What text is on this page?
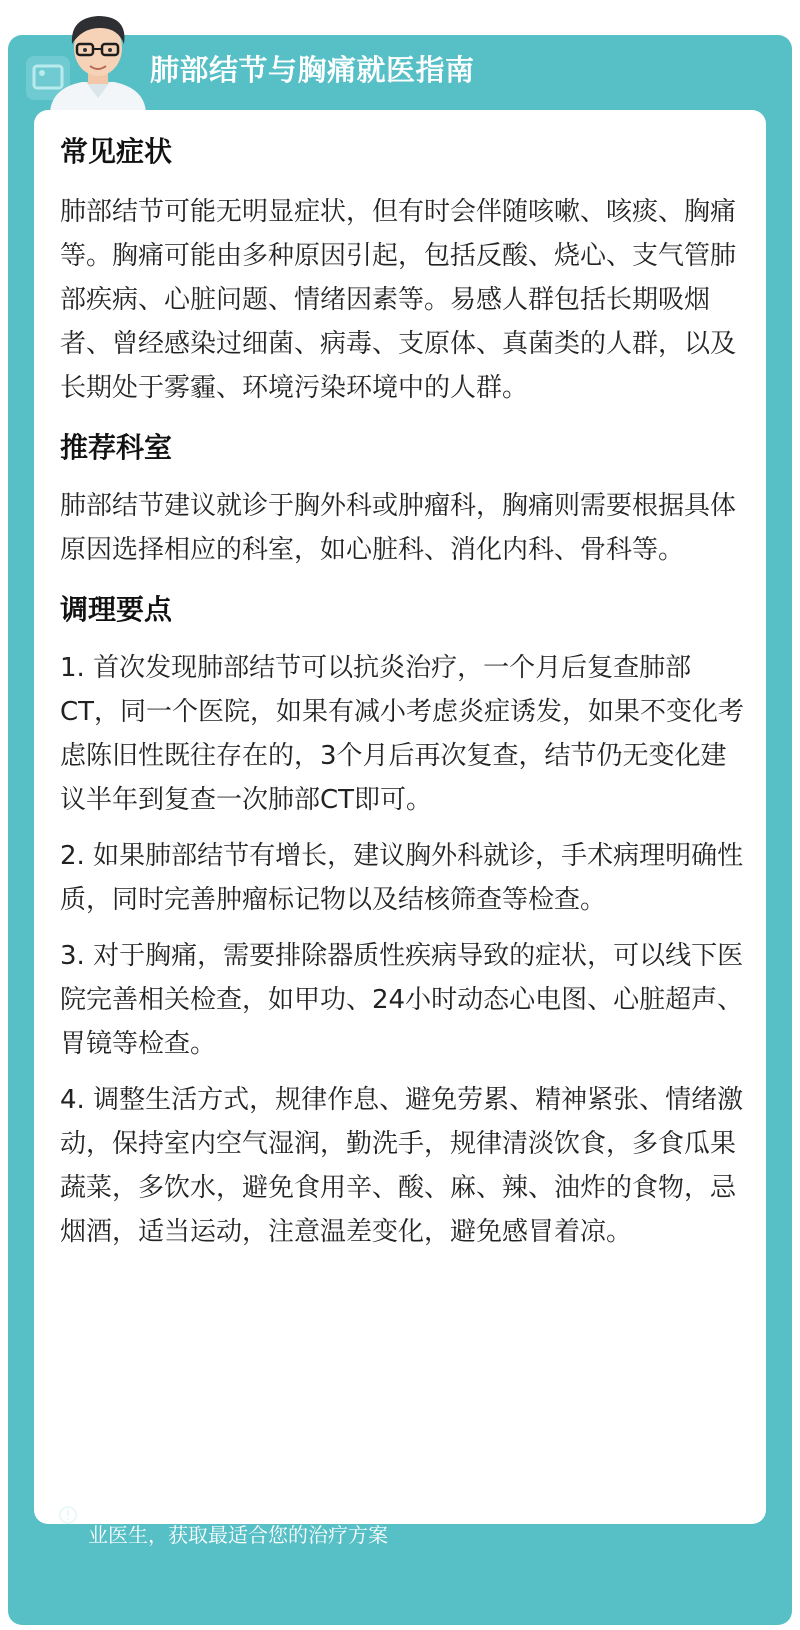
肺部结节与胸痛就医指南
常见症状

肺部结节可能无明显症状，但有时会伴随咳嗽、咳痰、胸痛等。胸痛可能由多种原因引起，包括反酸、烧心、支气管肺部疾病、心脏问题、情绪因素等。易感人群包括长期吸烟者、曾经感染过细菌、病毒、支原体、真菌类的人群，以及长期处于雾霾、环境污染环境中的人群。

推荐科室

肺部结节建议就诊于胸外科或肿瘤科，胸痛则需要根据具体原因选择相应的科室，如心脏科、消化内科、骨科等。

调理要点

1. 首次发现肺部结节可以抗炎治疗，一个月后复查肺部CT，同一个医院，如果有减小考虑炎症诱发，如果不变化考虑陈旧性既往存在的，3个月后再次复查，结节仍无变化建议半年到复查一次肺部CT即可。

2. 如果肺部结节有增长，建议胸外科就诊，手术病理明确性质，同时完善肿瘤标记物以及结核筛查等检查。

3. 对于胸痛，需要排除器质性疾病导致的症状，可以线下医院完善相关检查，如甲功、24小时动态心电图、心脏超声、胃镜等检查。

4. 调整生活方式，规律作息、避免劳累、精神紧张、情绪激动，保持室内空气湿润，勤洗手，规律清淡饮食，多食瓜果蔬菜，多饮水，避免食用辛、酸、麻、辣、油炸的食物，忌烟酒，适当运动，注意温差变化，避免感冒着凉。

京东互联网医院提醒您：内容仅供参考，如有相关疾病，请咨询专业医生，获取最适合您的治疗方案
